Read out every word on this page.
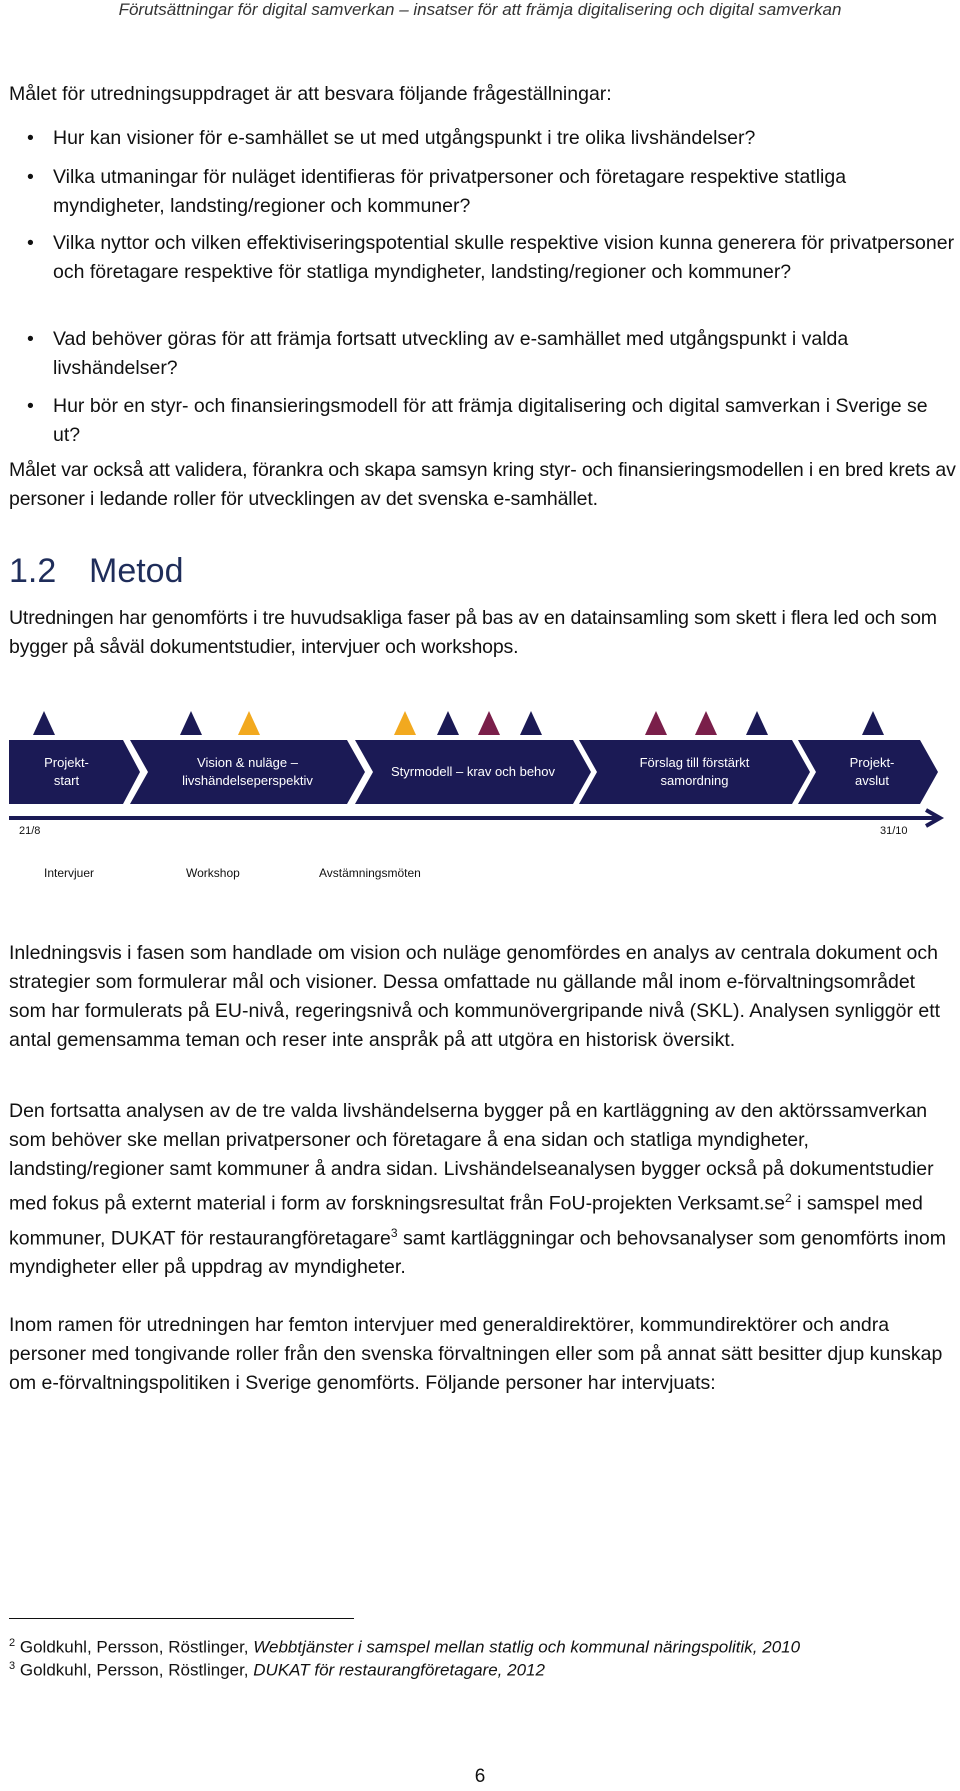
Förutsättningar för digital samverkan – insatser för att främja digitalisering och digital samverkan

Målet för utredningsuppdraget är att besvara följande frågeställningar:

• Hur kan visioner för e-samhället se ut med utgångspunkt i tre olika livshändelser?
• Vilka utmaningar för nuläget identifieras för privatpersoner och företagare respektive statliga myndigheter, landsting/regioner och kommuner?
• Vilka nyttor och vilken effektiviseringspotential skulle respektive vision kunna generera för privatpersoner och företagare respektive för statliga myndigheter, landsting/regioner och kommuner?
• Vad behöver göras för att främja fortsatt utveckling av e-samhället med utgångspunkt i valda livshändelser?
• Hur bör en styr- och finansieringsmodell för att främja digitalisering och digital samverkan i Sverige se ut?

Målet var också att validera, förankra och skapa samsyn kring styr- och finansieringsmodellen i en bred krets av personer i ledande roller för utvecklingen av det svenska e-samhället.

1.2 Metod

Utredningen har genomförts i tre huvudsakliga faser på bas av en datainsamling som skett i flera led och som bygger på såväl dokumentstudier, intervjuer och workshops.

Projekt-
start
Vision & nuläge –
livshändelseperspektiv
Styrmodell – krav och behov
Förslag till förstärkt
samordning
Projekt-
avslut
21/8	31/10
Intervjuer	Workshop	Avstämningsmöten

Inledningsvis i fasen som handlade om vision och nuläge genomfördes en analys av centrala dokument och strategier som formulerar mål och visioner. Dessa omfattade nu gällande mål inom e-förvaltningsområdet som har formulerats på EU-nivå, regeringsnivå och kommunövergripande nivå (SKL). Analysen synliggör ett antal gemensamma teman och reser inte anspråk på att utgöra en historisk översikt.

Den fortsatta analysen av de tre valda livshändelserna bygger på en kartläggning av den aktörssamverkan som behöver ske mellan privatpersoner och företagare å ena sidan och statliga myndigheter, landsting/regioner samt kommuner å andra sidan. Livshändelseanalysen bygger också på dokumentstudier med fokus på externt material i form av forskningsresultat från FoU-projekten $Verksamt.se^2$ i samspel med kommuner, DUKAT för restaurangföretagare$^3$ samt kartläggningar och behovsanalyser som genomförts inom myndigheter eller på uppdrag av myndigheter.

Inom ramen för utredningen har femton intervjuer med generaldirektörer, kommundirektörer och andra personer med tongivande roller från den svenska förvaltningen eller som på annat sätt besitter djup kunskap om e-förvaltningspolitiken i Sverige genomförts. Följande personer har intervjuats:

$^2$ Goldkuhl, Persson, Röstlinger, Webbtjänster i samspel mellan statlig och kommunal näringspolitik, 2010
$^3$ Goldkuhl, Persson, Röstlinger, DUKAT för restaurangföretagare, 2012
6
